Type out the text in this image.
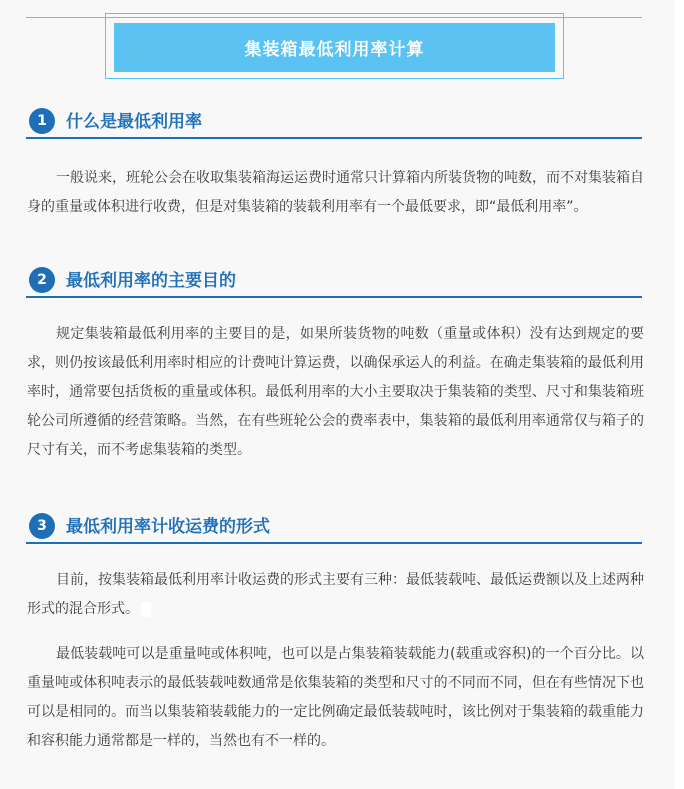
集装箱最低利用率计算
1	什么是最低利用率

一般说来，班轮公会在收取集装箱海运运费时通常只计算箱内所装货物的吨数，而不对集装箱自身的重量或体积进行收费，但是对集装箱的装载利用率有一个最低要求，即“最低利用率”。

2	最低利用率的主要目的

规定集装箱最低利用率的主要目的是，如果所装货物的吨数（重量或体积）没有达到规定的要求，则仍按该最低利用率时相应的计费吨计算运费，以确保承运人的利益。在确走集装箱的最低利用率时，通常要包括货板的重量或体积。最低利用率的大小主要取决于集装箱的类型、尺寸和集装箱班轮公司所遵循的经营策略。当然，在有些班轮公会的费率表中，集装箱的最低利用率通常仅与箱子的尺寸有关，而不考虑集装箱的类型。

3	最低利用率计收运费的形式

目前，按集装箱最低利用率计收运费的形式主要有三种：最低装载吨、最低运费额以及上述两种形式的混合形式。

最低装载吨可以是重量吨或体积吨，也可以是占集装箱装载能力(载重或容积)的一个百分比。以重量吨或体积吨表示的最低装载吨数通常是依集装箱的类型和尺寸的不同而不同，但在有些情况下也可以是相同的。而当以集装箱装载能力的一定比例确定最低装载吨时，该比例对于集装箱的载重能力和容积能力通常都是一样的，当然也有不一样的。
